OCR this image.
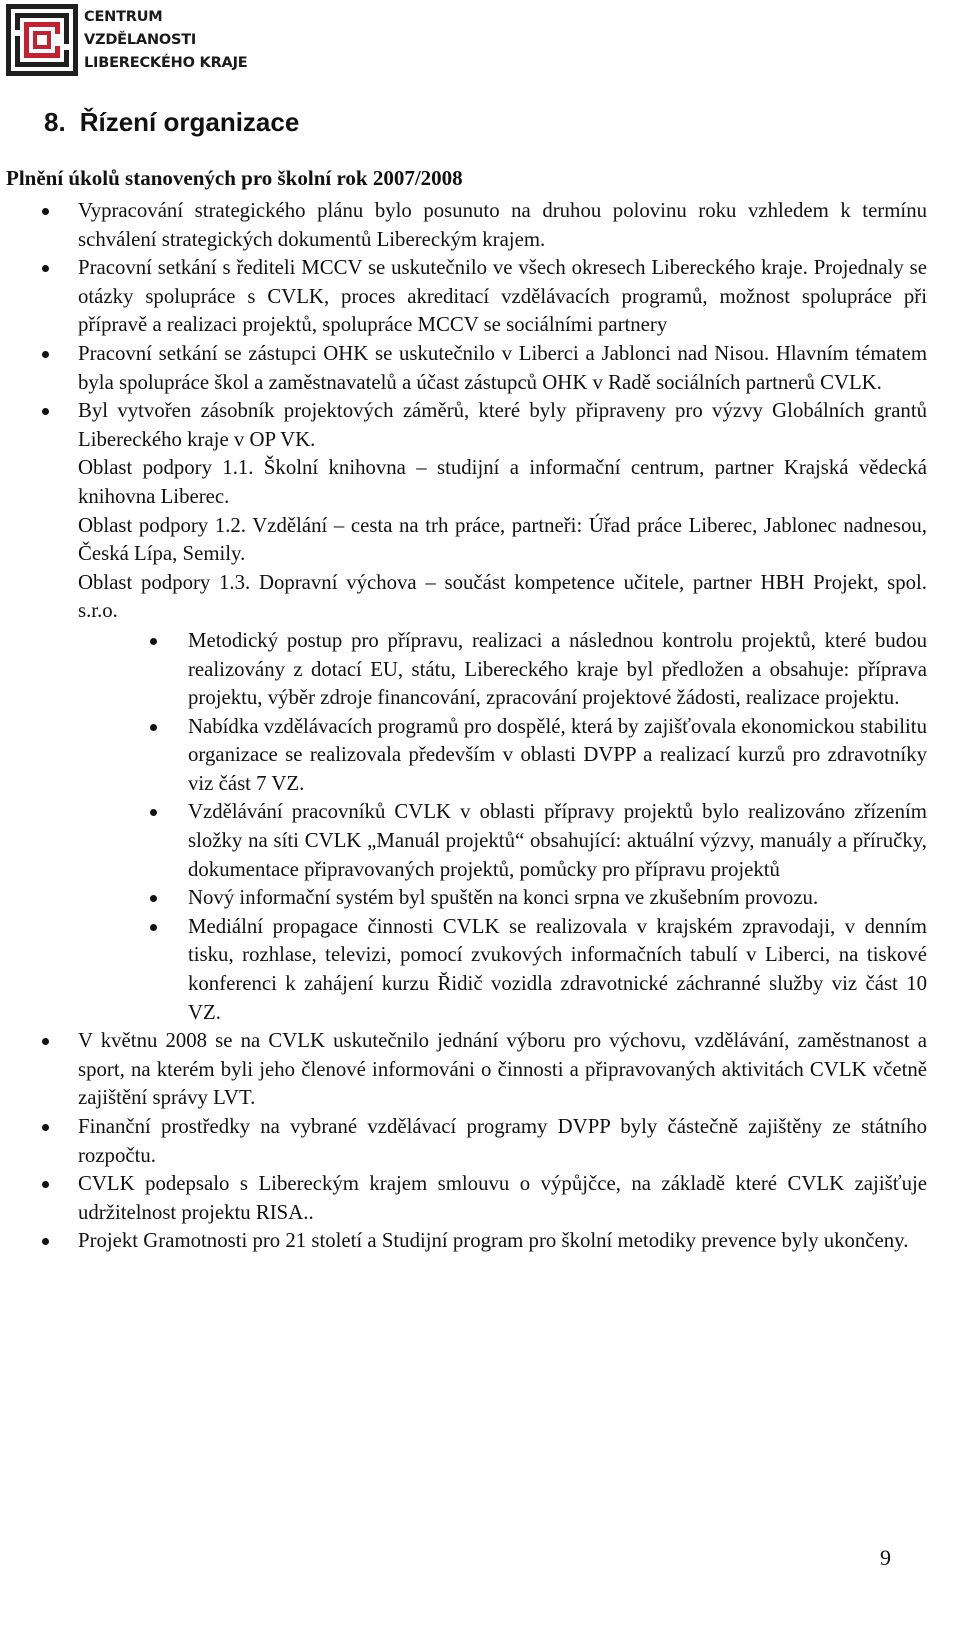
CENTRUM
VZDĚLANOSTI
LIBERECKÉHO KRAJE
8. Řízení organizace

Plnění úkolů stanovených pro školní rok 2007/2008

Vypracování strategického plánu bylo posunuto na druhou polovinu roku vzhledem k termínu schválení strategických dokumentů Libereckým krajem.
Pracovní setkání s řediteli MCCV se uskutečnilo ve všech okresech Libereckého kraje. Projednaly se otázky spolupráce s CVLK, proces akreditací vzdělávacích programů, možnost spolupráce při přípravě a realizaci projektů, spolupráce MCCV se sociálními partnery
Pracovní setkání se zástupci OHK se uskutečnilo v Liberci a Jablonci nad Nisou. Hlavním tématem byla spolupráce škol a zaměstnavatelů a účast zástupců OHK v Radě sociálních partnerů CVLK.
Byl vytvořen zásobník projektových záměrů, které byly připraveny pro výzvy Globálních grantů Libereckého kraje v OP VK.

Oblast podpory 1.1. Školní knihovna – studijní a informační centrum, partner Krajská vědecká knihovna Liberec.

Oblast podpory 1.2. Vzdělání – cesta na trh práce, partneři: Úřad práce Liberec, Jablonec nadnesou, Česká Lípa, Semily.

Oblast podpory 1.3. Dopravní výchova – součást kompetence učitele, partner HBH Projekt, spol. s.r.o.

Metodický postup pro přípravu, realizaci a následnou kontrolu projektů, které budou realizovány z dotací EU, státu, Libereckého kraje byl předložen a obsahuje: příprava projektu, výběr zdroje financování, zpracování projektové žádosti, realizace projektu.
Nabídka vzdělávacích programů pro dospělé, která by zajišťovala ekonomickou stabilitu organizace se realizovala především v oblasti DVPP a realizací kurzů pro zdravotníky viz část 7 VZ.
Vzdělávání pracovníků CVLK v oblasti přípravy projektů bylo realizováno zřízením složky na síti CVLK „Manuál projektů“ obsahující: aktuální výzvy, manuály a příručky, dokumentace připravovaných projektů, pomůcky pro přípravu projektů
Nový informační systém byl spuštěn na konci srpna ve zkušebním provozu.
Mediální propagace činnosti CVLK se realizovala v krajském zpravodaji, v denním tisku, rozhlase, televizi, pomocí zvukových informačních tabulí v Liberci, na tiskové konferenci k zahájení kurzu Řidič vozidla zdravotnické záchranné služby viz část 10 VZ.
V květnu 2008 se na CVLK uskutečnilo jednání výboru pro výchovu, vzdělávání, zaměstnanost a sport, na kterém byli jeho členové informováni o činnosti a připravovaných aktivitách CVLK včetně zajištění správy LVT.
Finanční prostředky na vybrané vzdělávací programy DVPP byly částečně zajištěny ze státního rozpočtu.
CVLK podepsalo s Libereckým krajem smlouvu o výpůjčce, na základě které CVLK zajišťuje udržitelnost projektu RISA..
Projekt Gramotnosti pro 21 století a Studijní program pro školní metodiky prevence byly ukončeny.
9
